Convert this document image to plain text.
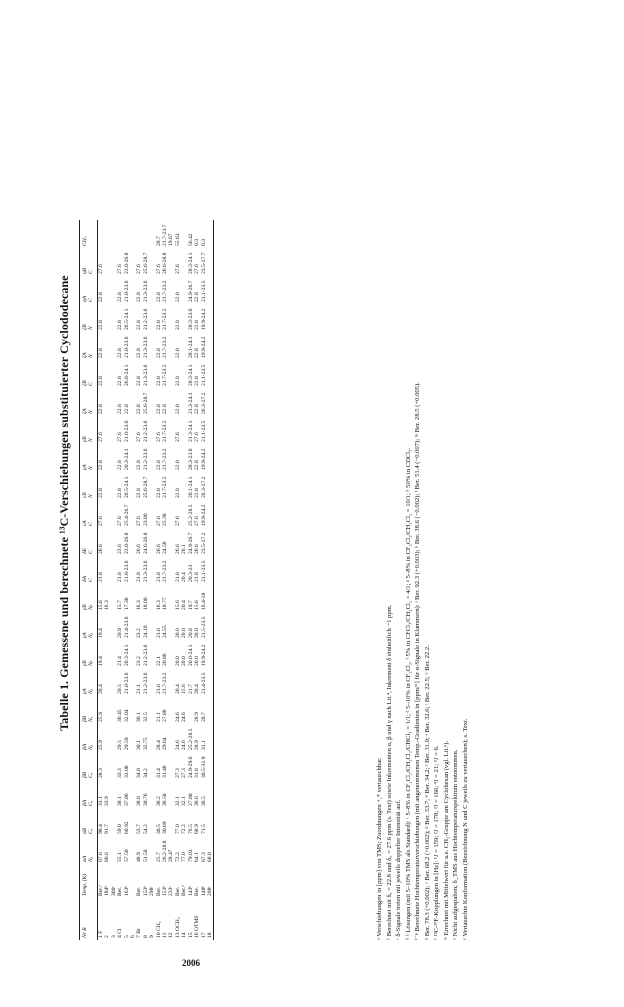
Tabelle 1. Gemessene und berechnete ¹³C-Verschiebungen substituierter Cyclododecane
Nr R	Temp. (K)	αA	αB	βA	βB	βA	βB	γA	γB	γA	γB	δA	δE	εA	εB	γA	γB	ζA	ζB	ζA	ζB	ηA	ηB	CH₃
		Nₐ	Cₐ	Cₐ	Cₐ	Nₐ	Nₐ	Nₐ	Nᵦ	Nₐ	Nᵦ	C	C	C	N	N	N	N	C	N	N	C	C	
1 F	Ber.ᵃ	87.6	90.4	33.1	28.3	25.9	25.9	20.4	19.4	19.4	15.6	21.8	26.6	27.6	22.8	22.8	27.6	22.8	22.8	22.8	22.8	22.8	27.6	
2	184ᵇ	80.6	91.7	33.9							16.3													
3	300ᶜ																							
4 Cl	Ber.	55.1	59.0	38.1	33.3	29.5	30.45	20.5	21.4	20.9	15.7	21.8	23.6	27.6	22.8	22.8	27.6	22.8	22.8	22.8	22.8	22.8	27.6	
5	163ᵇ	57.50	60.92	37.86	33.08	29.59	32.04	21.0-23.6	20.3-24.1	21.4-23.6	17.38	21.8-23.6	23.0-26.8	25.4-26.7	20.5-24.1	20.3-24.1	21.0-23.6	22.8	26.8-24.1	21.0-23.6	26.5-24.1	21.0-23.6	23.0-26.8	
6																								
7 Br	Ber.	48.9	53.7	38.8	34.0	30.1	30.1	21.1	23.2	23.2	16.3	21.8	26.6	27.6	22.8	22.8	27.6	22.8	22.8	22.8	22.8	22.8	27.6	
8	153ᵇ	51.50	54.2	38.76	34.2	32.75	32.5	21.2-23.6	21.2-23.6	24.10	18.00	21.3-23.6	24.6-26.8	23.80	25.6-28.7	21.2-23.6	21.2-23.6	25.6-28.7	21.3-23.6	21.3-23.6	21.2-23.6	21.3-23.6	25.6-28.7	
9	298ᶜ																							
10 CH₃	Ber.	25.7	30.5	36.2	31.4	28.4	21.1	21.6	22.1	21.6	16.3	21.8	26.6	27.6	22.8	22.8	27.6	22.8	22.8	22.8	22.8	22.8	27.6	20.7
11	153ᵇ	26.2-28.8	30.69	36.58	31.48	29.64	27.88	21.7-23.2	20.86	24.55	18.77	21.7-23.2	24.58	25.38	21.7-23.2	21.7-23.2	21.7-23.2	22.8	21.7-23.2	21.7-23.2	21.7-23.2	21.7-23.2	26.6-28.8	21.7-23.7
12	233ᶜ	28.47																						19.67
13 OCH₃	Ber.	72.2	77.0	32.1	27.3	24.6	24.6	20.4	20.0	20.0	15.6	21.8	26.6	27.6	22.8	22.8	27.6	22.8	22.8	22.8	22.8	22.8	27.6	55.63
14	Ber.ᵈ	77.0	72.2	32.1	27.3	24.6	24.6	15.6	20.0	20.0	20.4	20.4	26.1											
15	143ᵇ	79.03	76.5	27.88	24.9-29.6	25.2-28.5		21.7	20.0-24.1	20.8	19.7	20.3-23	24.9-26.7	25.2-28.5	20.1-24.1	20.3-23.0	21.3-24.1	21.3-24.1	20.3-24.1	20.1-24.1	20.3-23.0	24.9-26.7	20.3-24.1	56.42
16 OTMS	Ber.	64.1	68.9	36.6	31.8	28.9	28.9	20.4	20.0	20.0	15.6	21.8	26.6	27.6	22.8	22.8	27.6	22.8	22.8	22.8	22.8	22.8	27.6	0.3
17	148ᵇ	67.3	71.5	36.5	30.5-31.9	31.1	28.7	21.4-23.5	19.9-24.2	21.5-23.5	16.4-18	21.1-23.5	23.5-27.2	19.9-24.2	26.3-27.2	19.9-24.2	21.1-23.5	26.3-27.2	21.1-23.5	19.9-24.2	19.9-24.2	21.1-23.5	23.5-27.7	0.3
18	298ᶜ	68.8																							ᵃ Verschiebungen in [ppm] von TMS; Zuordnungen +,* vertauschbar. ᵇ Berechnet mit δₐ = 22.8 und δ꜀ = 27.6 ppm (s. Text) sowie Inkrementen α, β und γ nach Lit.⁴, Inkrement δ einheitlich −1 ppm. ᶜ δ-Signale treten mit jeweils doppelter Intensität auf. ᵈ ᵇ Lösungen (mit 5–10% TMS als Standard): ᶜ 5–8% in CF₂Cl₂/CH₂Cl₂/CHCl₃ = 1/1; ᵈ 5–10% in CF₂Cl₂, ᶠ 5% in CFCl₃/CH₂Cl₂ = 4/1; ᵍ 5–8% in CF₂Cl₂/CH₂Cl₂ = 10/1; ʰ 50% in CDCl₃. ⁱ⁻ᵖ Berechnete Hochtemperaturverschiebungen (mit angenommenen Temp.-Gradienten in [ppm/°] für α-Signale in Klammern): ʲ Ber. 92.3 (+0.003); ᵏ Ber. 38.6 (−0.002); ˡ Ber. 51.4 (−0.007); ᵐ Ber. 28.5 (+0.005). ⁿ Ber. 78.3 (+0.002); ᵒ Ber. 68.2 (+0.002); ᵖ Ber. 33.7; ᵠ Ber. 34.2; ʳ Ber. 31.9; ˢ Ber. 32.6; ᵗ Ber. 22.5; ᵘ Ber. 22.2. ᵛ ¹³C-¹⁹F-Kopplungen in [Hz]: ¹J = 159; ²J = 178; ³J = 166; ⁴J = 21; ⁵J = 6. ʷ Errechnet mit Mittelwert für a.e. CH₂-Gruppe am Cyclohexan (vgl. Lit.⁶). ˣ Nicht aufgespalten; δ_TMS aus Hochtemperaturspektrum entnommen. ʸ Vertauschte Konformation (Bezeichnung N und C jeweils zu vertauschen); s. Text.

2006
